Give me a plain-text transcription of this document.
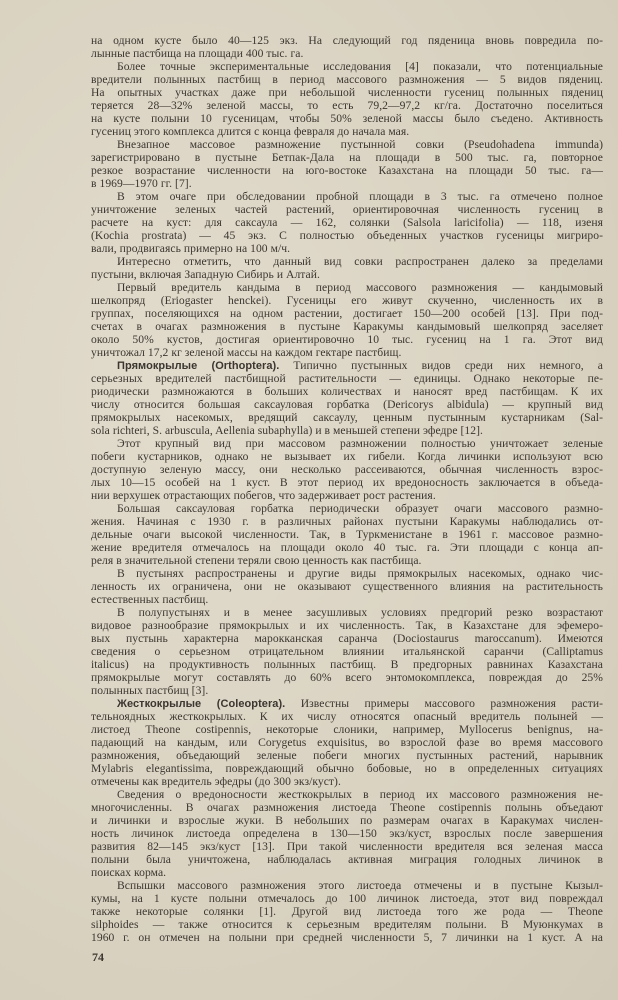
на одном кусте было 40—125 экз. На следующий год пяденица вновь повредила по-
лынные пастбища на площади 400 тыс. га.
Более точные экспериментальные исследования [4] показали, что потенциальные
вредители полынных пастбищ в период массового размножения — 5 видов пядениц.
На опытных участках даже при небольшой численности гусениц полынных пядениц
теряется 28—32% зеленой массы, то есть 79,2—97,2 кг/га. Достаточно поселиться
на кусте полыни 10 гусеницам, чтобы 50% зеленой массы было съедено. Активность
гусениц этого комплекса длится с конца февраля до начала мая.
Внезапное массовое размножение пустынной совки (Pseudohadena immunda)
зарегистрировано в пустыне Бетпак-Дала на площади в 500 тыс. га, повторное
резкое возрастание численности на юго-востоке Казахстана на площади 50 тыс. га—
в 1969—1970 гг. [7].
В этом очаге при обследовании пробной площади в 3 тыс. га отмечено полное
уничтожение зеленых частей растений, ориентировочная численность гусениц в
расчете на куст: для саксаула — 162, солянки (Salsola laricifolia) — 118, изеня
(Kochia prostrata) — 45 экз. С полностью объеденных участков гусеницы мигриро-
вали, продвигаясь примерно на 100 м/ч.
Интересно отметить, что данный вид совки распространен далеко за пределами
пустыни, включая Западную Сибирь и Алтай.
Первый вредитель кандыма в период массового размножения — кандымовый
шелкопряд (Eriogaster henckei). Гусеницы его живут скученно, численность их в
группах, поселяющихся на одном растении, достигает 150—200 особей [13]. При под-
счетах в очагах размножения в пустыне Каракумы кандымовый шелкопряд заселяет
около 50% кустов, достигая ориентировочно 10 тыс. гусениц на 1 га. Этот вид
уничтожал 17,2 кг зеленой массы на каждом гектаре пастбищ.
Прямокрылые (Orthoptera). Типично пустынных видов среди них немного, а
серьезных вредителей пастбищной растительности — единицы. Однако некоторые пе-
риодически размножаются в больших количествах и наносят вред пастбищам. К их
числу относится большая саксауловая горбатка (Dericorys albidula) — крупный вид
прямокрылых насекомых, вредящий саксаулу, ценным пустынным кустарникам (Sal-
sola richteri, S. arbuscula, Aellenia subaphylla) и в меньшей степени эфедре [12].
Этот крупный вид при массовом размножении полностью уничтожает зеленые
побеги кустарников, однако не вызывает их гибели. Когда личинки используют всю
доступную зеленую массу, они несколько рассеиваются, обычная численность взрос-
лых 10—15 особей на 1 куст. В этот период их вредоносность заключается в объеда-
нии верхушек отрастающих побегов, что задерживает рост растения.
Большая саксауловая горбатка периодически образует очаги массового размно-
жения. Начиная с 1930 г. в различных районах пустыни Каракумы наблюдались от-
дельные очаги высокой численности. Так, в Туркменистане в 1961 г. массовое размно-
жение вредителя отмечалось на площади около 40 тыс. га. Эти площади с конца ап-
реля в значительной степени теряли свою ценность как пастбища.
В пустынях распространены и другие виды прямокрылых насекомых, однако чис-
ленность их ограничена, они не оказывают существенного влияния на растительность
естественных пастбищ.
В полупустынях и в менее засушливых условиях предгорий резко возрастают
видовое разнообразие прямокрылых и их численность. Так, в Казахстане для эфемеро-
вых пустынь характерна марокканская саранча (Dociostaurus maroccanum). Имеются
сведения о серьезном отрицательном влиянии итальянской саранчи (Calliptamus
italicus) на продуктивность полынных пастбищ. В предгорных равнинах Казахстана
прямокрылые могут составлять до 60% всего энтомокомплекса, повреждая до 25%
полынных пастбищ [3].
Жесткокрылые (Coleoptera). Известны примеры массового размножения расти-
тельноядных жесткокрылых. К их числу относятся опасный вредитель полыней —
листоед Theone costipennis, некоторые слоники, например, Myllocerus benignus, на-
падающий на кандым, или Corygetus exquisitus, во взрослой фазе во время массового
размножения, объедающий зеленые побеги многих пустынных растений, нарывник
Mylabris elegantissima, повреждающий обычно бобовые, но в определенных ситуациях
отмечены как вредитель эфедры (до 300 экз/куст).
Сведения о вредоносности жесткокрылых в период их массового размножения не-
многочисленны. В очагах размножения листоеда Theone costipennis полынь объедают
и личинки и взрослые жуки. В небольших по размерам очагах в Каракумах числен-
ность личинок листоеда определена в 130—150 экз/куст, взрослых после завершения
развития 82—145 экз/куст [13]. При такой численности вредителя вся зеленая масса
полыни была уничтожена, наблюдалась активная миграция голодных личинок в
поисках корма.
Вспышки массового размножения этого листоеда отмечены и в пустыне Кызыл-
кумы, на 1 кусте полыни отмечалось до 100 личинок листоеда, этот вид повреждал
также некоторые солянки [1]. Другой вид листоеда того же рода — Theone
silphoides — также относится к серьезным вредителям полыни. В Муюнкумах в
1960 г. он отмечен на полыни при средней численности 5, 7 личинки на 1 куст. А на
74
